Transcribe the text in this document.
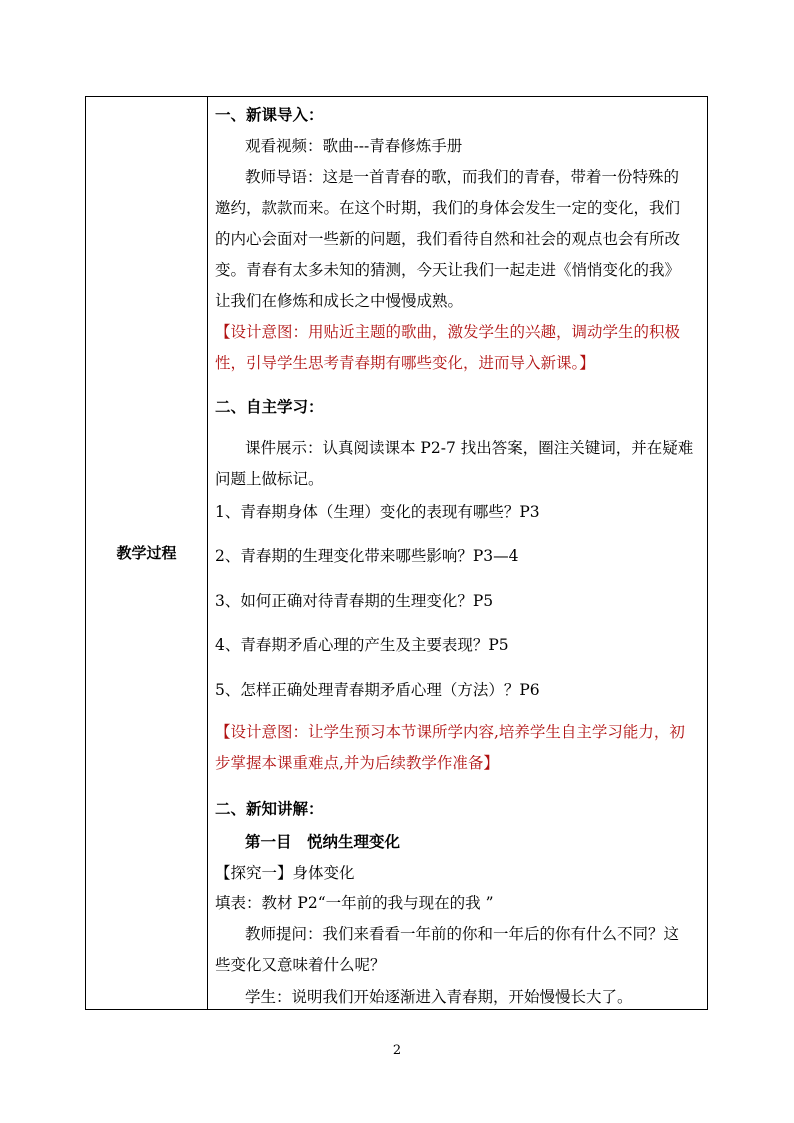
教学过程
一、新课导入：
观看视频：歌曲---青春修炼手册
教师导语：这是一首青春的歌，而我们的青春，带着一份特殊的
邀约，款款而来。在这个时期，我们的身体会发生一定的变化，我们
的内心会面对一些新的问题，我们看待自然和社会的观点也会有所改
变。青春有太多未知的猜测，今天让我们一起走进《悄悄变化的我》
让我们在修炼和成长之中慢慢成熟。
【设计意图：用贴近主题的歌曲，激发学生的兴趣，调动学生的积极
性，引导学生思考青春期有哪些变化，进而导入新课。】
二、自主学习：
课件展示：认真阅读课本 P2-7 找出答案，圈注关键词，并在疑难
问题上做标记。
1、青春期身体（生理）变化的表现有哪些？P3
2、青春期的生理变化带来哪些影响？P3—4
3、如何正确对待青春期的生理变化？P5
4、青春期矛盾心理的产生及主要表现？P5
5、怎样正确处理青春期矛盾心理（方法）？P6
【设计意图：让学生预习本节课所学内容,培养学生自主学习能力，初
步掌握本课重难点,并为后续教学作准备】
二、新知讲解：
第一目　悦纳生理变化
【探究一】身体变化
填表：教材 P2“一年前的我与现在的我 ”
教师提问：我们来看看一年前的你和一年后的你有什么不同？这
些变化又意味着什么呢？
学生：说明我们开始逐渐进入青春期，开始慢慢长大了。
2
